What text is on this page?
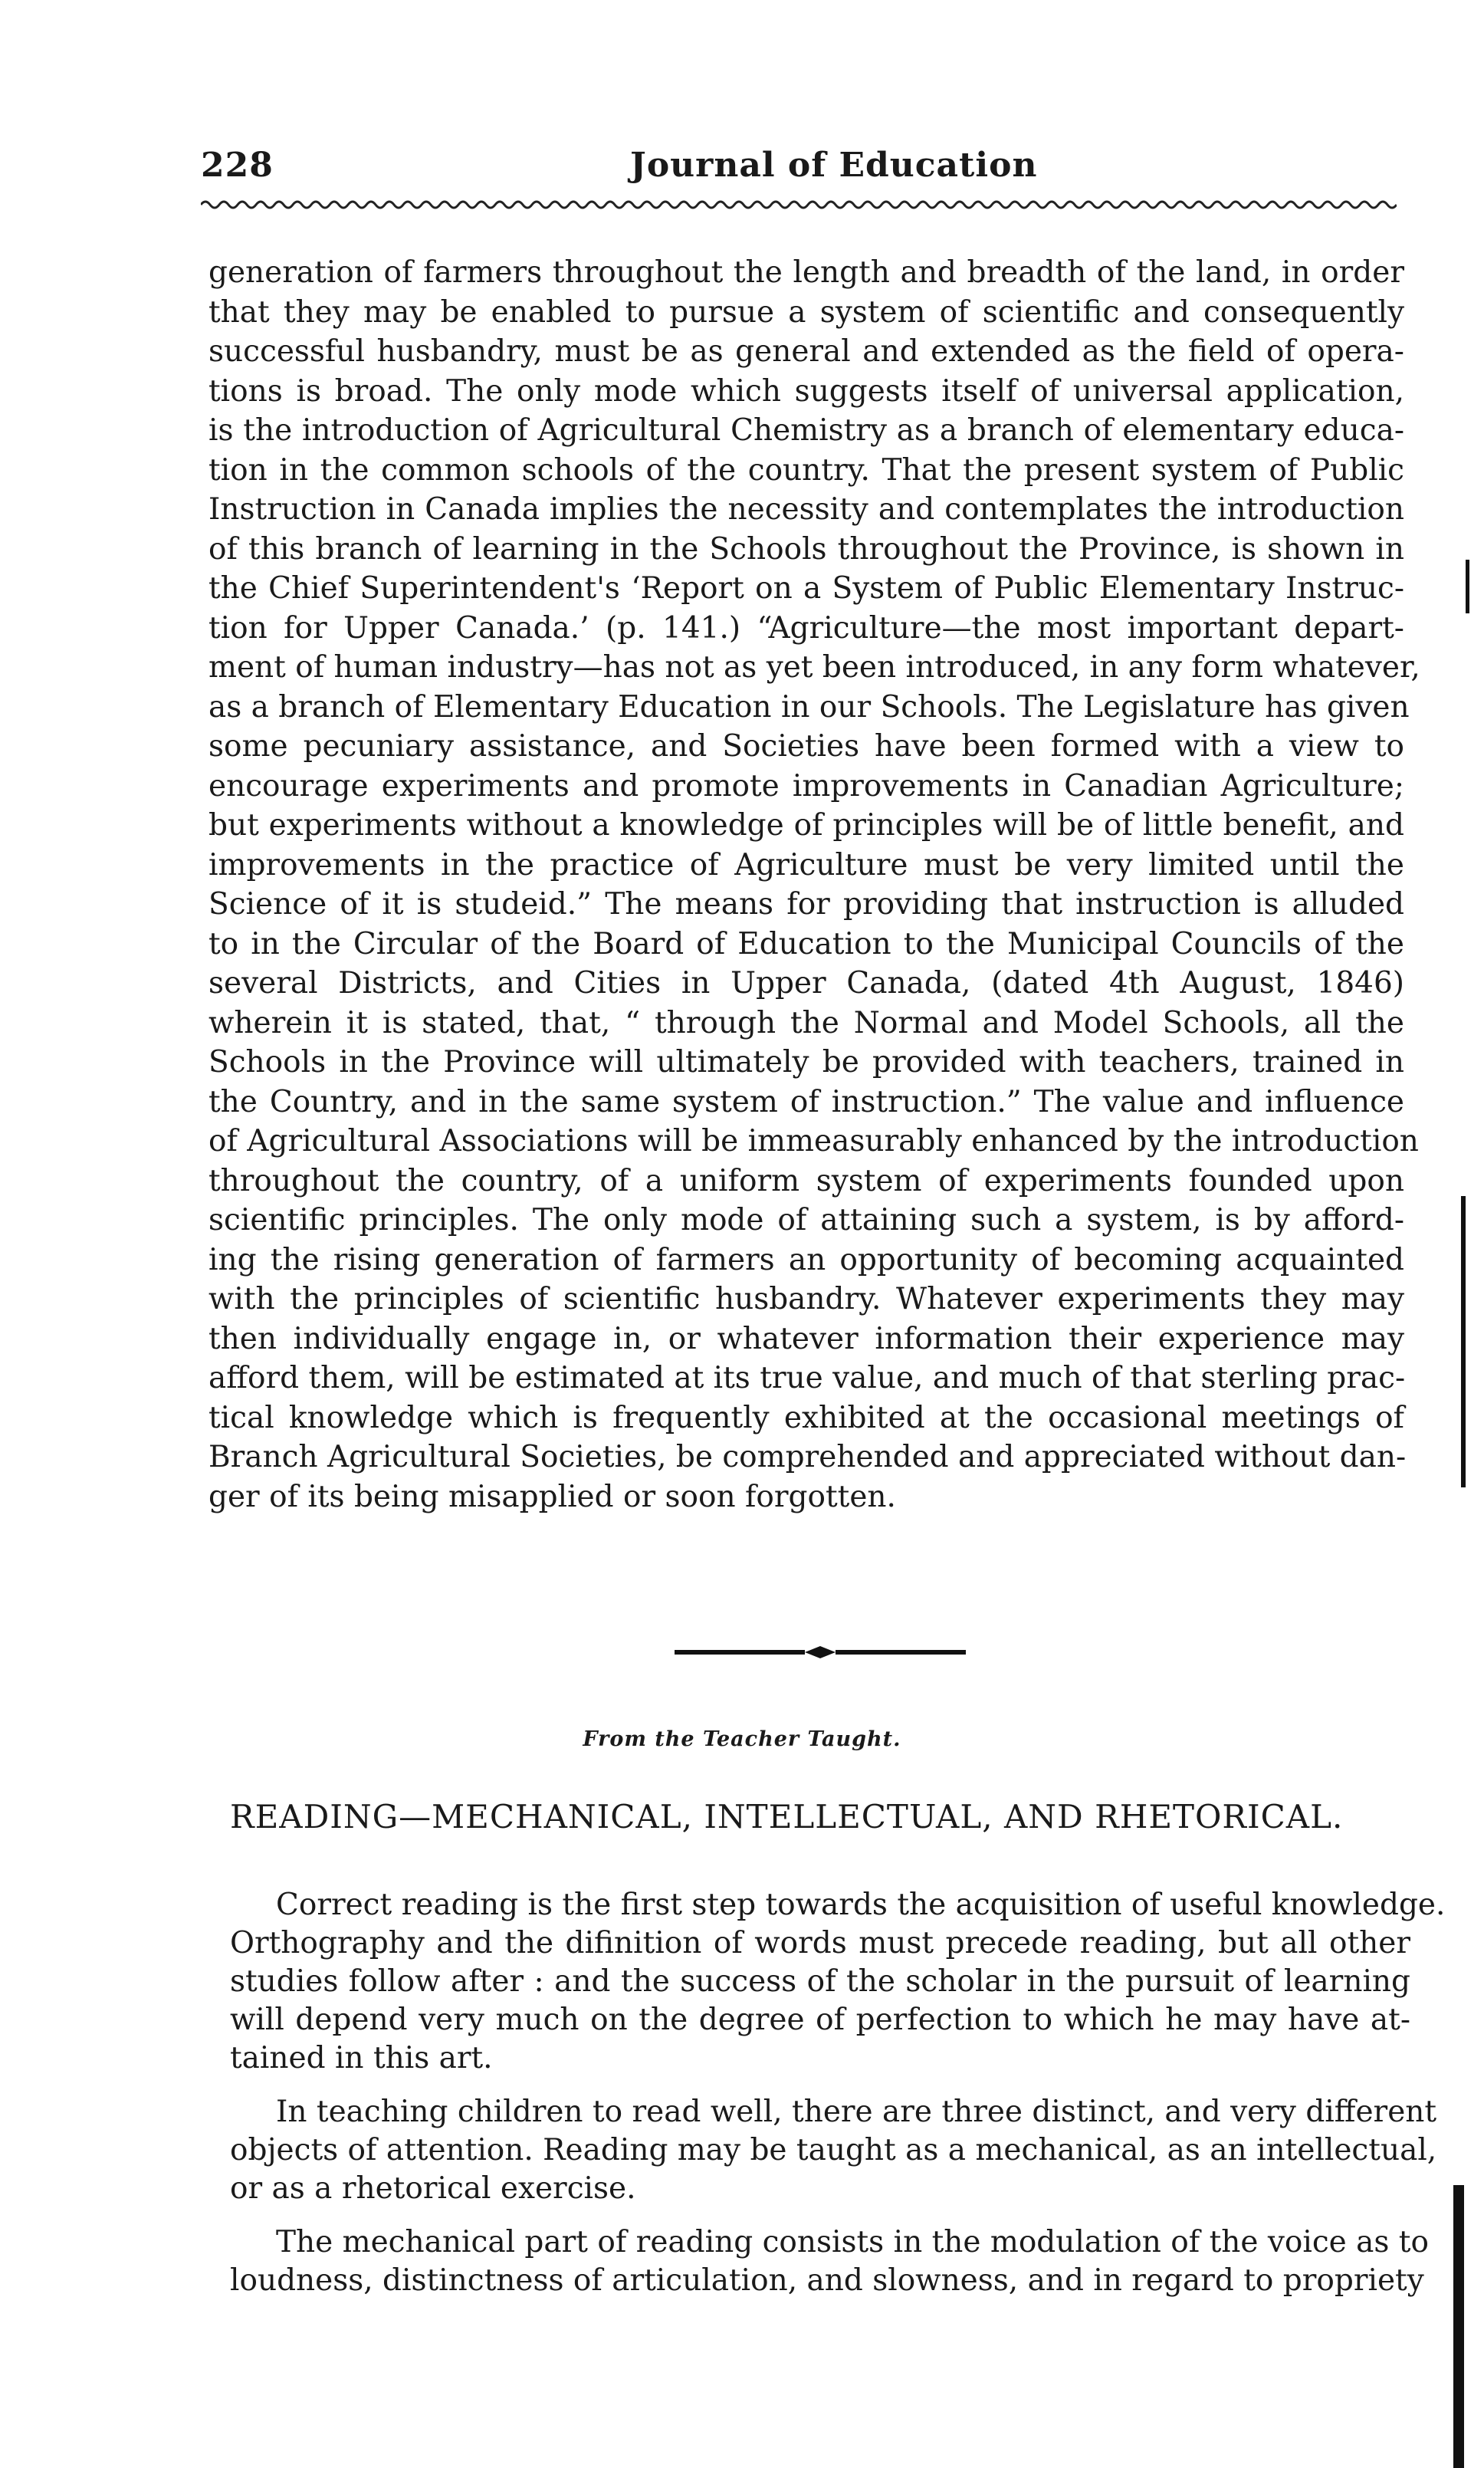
228	Journal of Education
generation of farmers throughout the length and breadth of the land, in order
that they may be enabled to pursue a system of scientific and consequently
successful husbandry, must be as general and extended as the field of opera-
tions is broad. The only mode which suggests itself of universal application,
is the introduction of Agricultural Chemistry as a branch of elementary educa-
tion in the common schools of the country. That the present system of Public
Instruction in Canada implies the necessity and contemplates the introduction
of this branch of learning in the Schools throughout the Province, is shown in
the Chief Superintendent's ‘Report on a System of Public Elementary Instruc-
tion for Upper Canada.’ (p. 141.) “Agriculture—the most important depart-
ment of human industry—has not as yet been introduced, in any form whatever,
as a branch of Elementary Education in our Schools. The Legislature has given
some pecuniary assistance, and Societies have been formed with a view to
encourage experiments and promote improvements in Canadian Agriculture;
but experiments without a knowledge of principles will be of little benefit, and
improvements in the practice of Agriculture must be very limited until the
Science of it is studeid.” The means for providing that instruction is alluded
to in the Circular of the Board of Education to the Municipal Councils of the
several Districts, and Cities in Upper Canada, (dated 4th August, 1846)
wherein it is stated, that, “ through the Normal and Model Schools, all the
Schools in the Province will ultimately be provided with teachers, trained in
the Country, and in the same system of instruction.” The value and influence
of Agricultural Associations will be immeasurably enhanced by the introduction
throughout the country, of a uniform system of experiments founded upon
scientific principles. The only mode of attaining such a system, is by afford-
ing the rising generation of farmers an opportunity of becoming acquainted
with the principles of scientific husbandry. Whatever experiments they may
then individually engage in, or whatever information their experience may
afford them, will be estimated at its true value, and much of that sterling prac-
tical knowledge which is frequently exhibited at the occasional meetings of
Branch Agricultural Societies, be comprehended and appreciated without dan-
ger of its being misapplied or soon forgotten.
From the Teacher Taught.
READING—MECHANICAL, INTELLECTUAL, AND RHETORICAL.
Correct reading is the first step towards the acquisition of useful knowledge.
Orthography and the difinition of words must precede reading, but all other
studies follow after : and the success of the scholar in the pursuit of learning
will depend very much on the degree of perfection to which he may have at-
tained in this art.
In teaching children to read well, there are three distinct, and very different
objects of attention. Reading may be taught as a mechanical, as an intellectual,
or as a rhetorical exercise.
The mechanical part of reading consists in the modulation of the voice as to
loudness, distinctness of articulation, and slowness, and in regard to propriety
